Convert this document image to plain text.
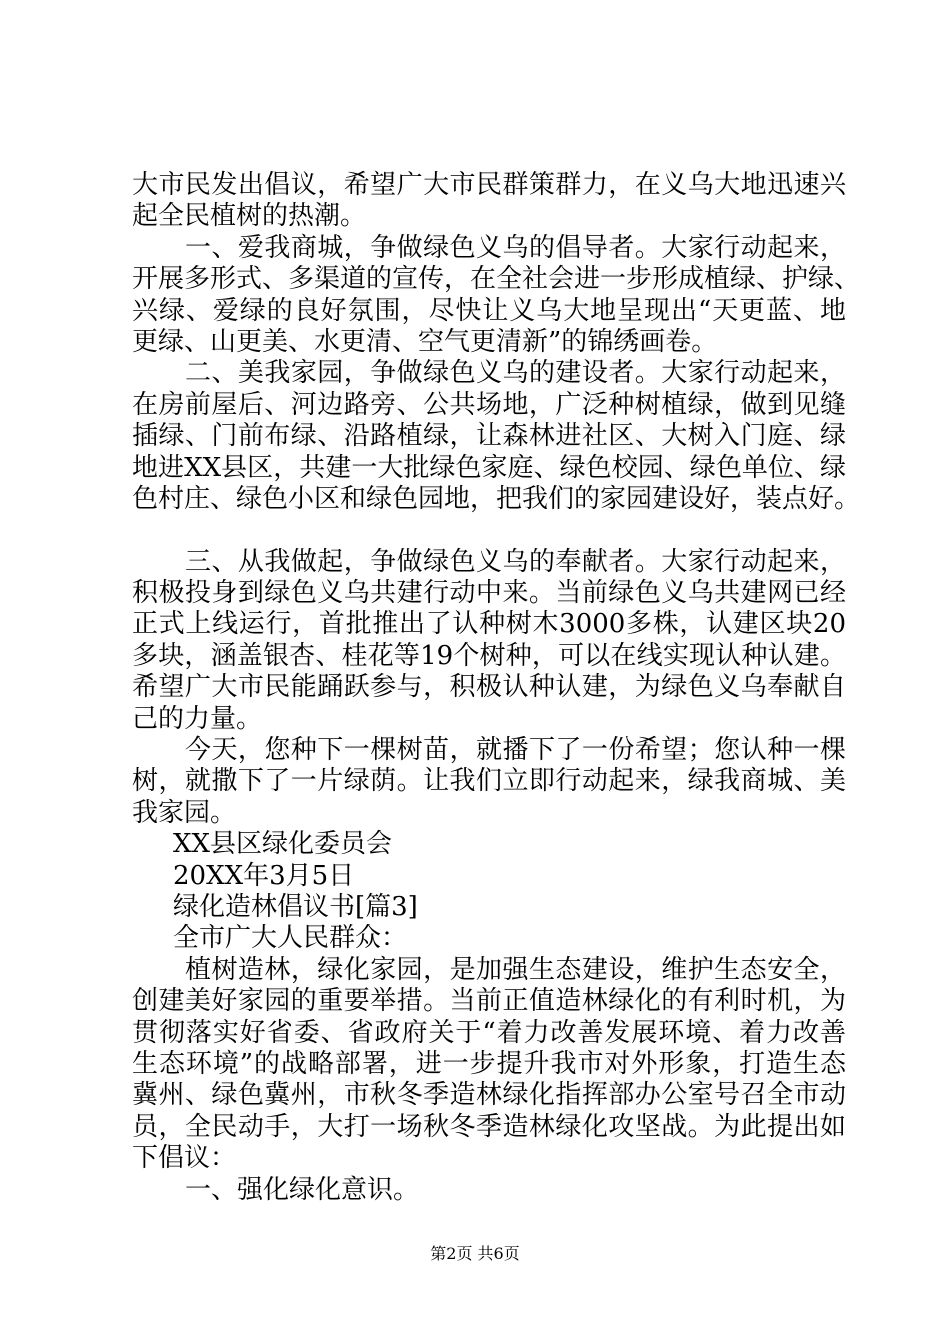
大市民发出倡议，希望广大市民群策群力，在义乌大地迅速兴
起全民植树的热潮。
一、爱我商城，争做绿色义乌的倡导者。大家行动起来，
开展多形式、多渠道的宣传，在全社会进一步形成植绿、护绿、
兴绿、爱绿的良好氛围，尽快让义乌大地呈现出“天更蓝、地
更绿、山更美、水更清、空气更清新”的锦绣画卷。
二、美我家园，争做绿色义乌的建设者。大家行动起来，
在房前屋后、河边路旁、公共场地，广泛种树植绿，做到见缝
插绿、门前布绿、沿路植绿，让森林进社区、大树入门庭、绿
地进XX县区，共建一大批绿色家庭、绿色校园、绿色单位、绿
色村庄、绿色小区和绿色园地，把我们的家园建设好，装点好。
三、从我做起，争做绿色义乌的奉献者。大家行动起来，
积极投身到绿色义乌共建行动中来。当前绿色义乌共建网已经
正式上线运行，首批推出了认种树木3000多株，认建区块20
多块，涵盖银杏、桂花等19个树种，可以在线实现认种认建。
希望广大市民能踊跃参与，积极认种认建，为绿色义乌奉献自
己的力量。
今天，您种下一棵树苗，就播下了一份希望；您认种一棵
树，就撒下了一片绿荫。让我们立即行动起来，绿我商城、美
我家园。
XX县区绿化委员会
20XX年3月5日
绿化造林倡议书[篇3]
全市广大人民群众：
植树造林，绿化家园，是加强生态建设，维护生态安全，
创建美好家园的重要举措。当前正值造林绿化的有利时机，为
贯彻落实好省委、省政府关于“着力改善发展环境、着力改善
生态环境”的战略部署，进一步提升我市对外形象，打造生态
冀州、绿色冀州，市秋冬季造林绿化指挥部办公室号召全市动
员，全民动手，大打一场秋冬季造林绿化攻坚战。为此提出如
下倡议：
一、强化绿化意识。
第2页 共6页
